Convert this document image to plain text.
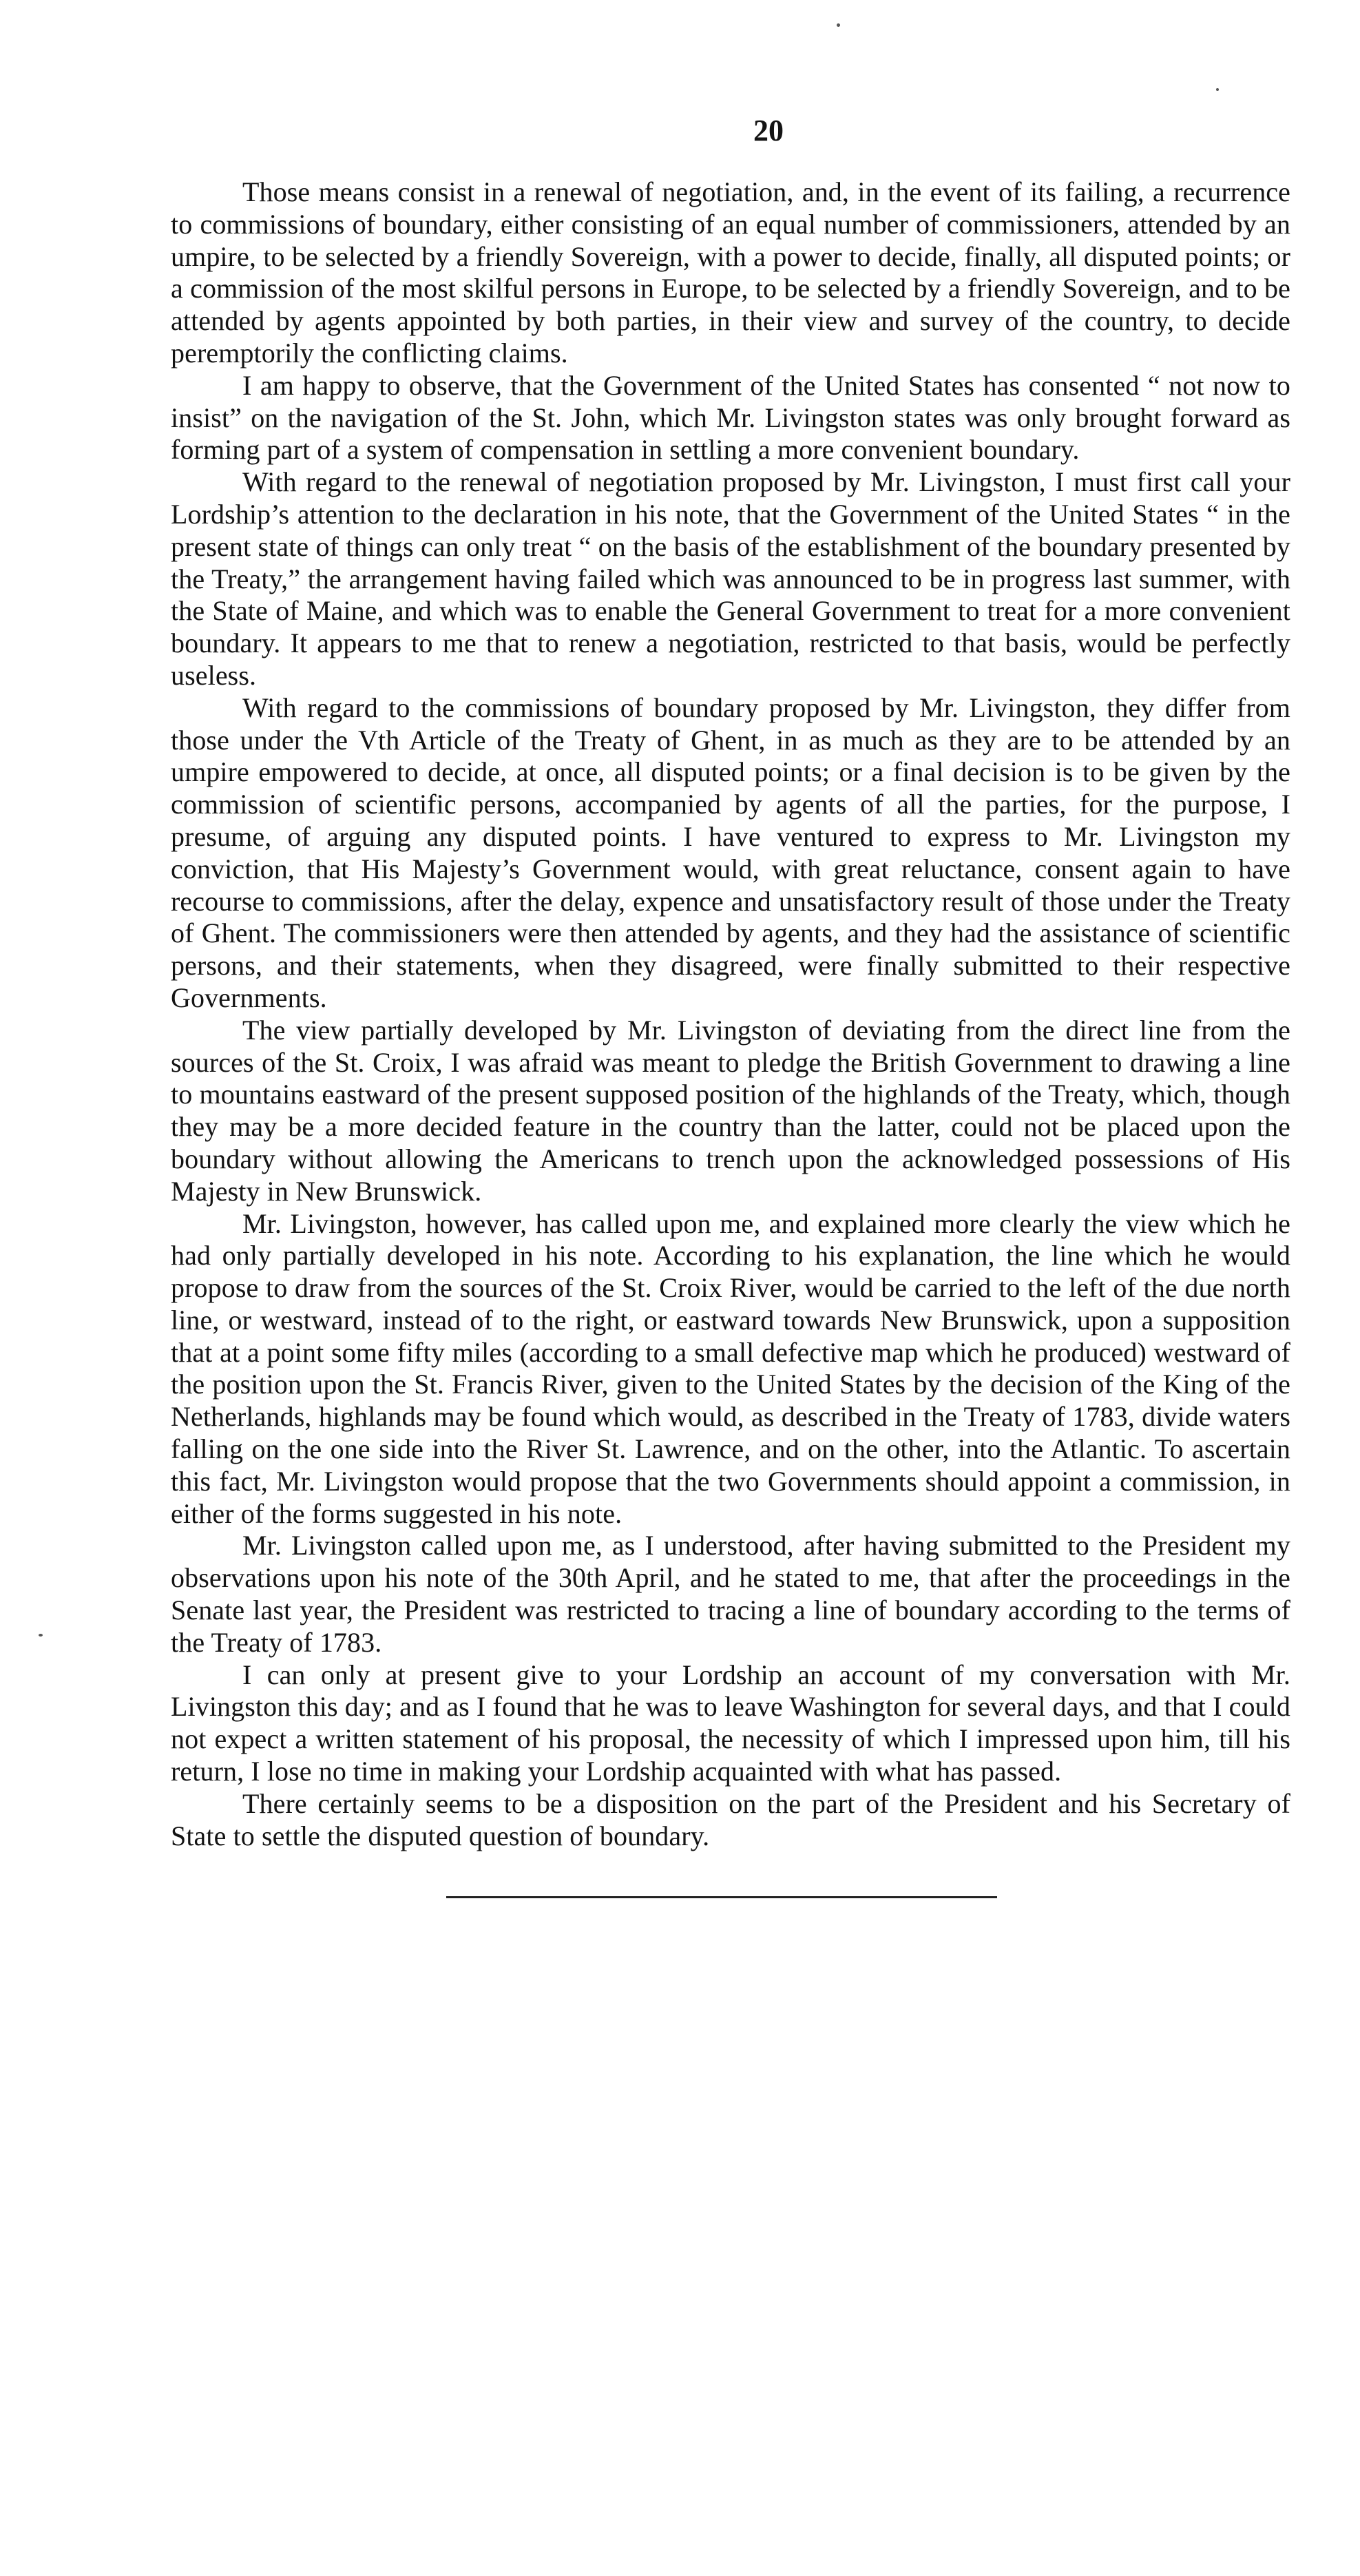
20

Those means consist in a renewal of negotiation, and, in the event of its failing, a recurrence to commissions of boundary, either consisting of an equal number of commissioners, attended by an umpire, to be selected by a friendly Sovereign, with a power to decide, finally, all disputed points; or a commission of the most skilful persons in Europe, to be selected by a friendly Sovereign, and to be attended by agents appointed by both parties, in their view and survey of the country, to decide peremptorily the conflicting claims.

I am happy to observe, that the Government of the United States has consented “ not now to insist” on the navigation of the St. John, which Mr. Livingston states was only brought forward as forming part of a system of compensation in settling a more convenient boundary.

With regard to the renewal of negotiation proposed by Mr. Livingston, I must first call your Lordship’s attention to the declaration in his note, that the Government of the United States “ in the present state of things can only treat “ on the basis of the establishment of the boundary presented by the Treaty,” the arrangement having failed which was announced to be in progress last summer, with the State of Maine, and which was to enable the General Government to treat for a more convenient boundary. It appears to me that to renew a negotiation, restricted to that basis, would be perfectly useless.

With regard to the commissions of boundary proposed by Mr. Livingston, they differ from those under the Vth Article of the Treaty of Ghent, in as much as they are to be attended by an umpire empowered to decide, at once, all disputed points; or a final decision is to be given by the commission of scientific persons, accompanied by agents of all the parties, for the purpose, I presume, of arguing any disputed points. I have ventured to express to Mr. Livingston my conviction, that His Majesty’s Government would, with great reluctance, consent again to have recourse to commissions, after the delay, expence and unsatisfactory result of those under the Treaty of Ghent. The commissioners were then attended by agents, and they had the assistance of scientific persons, and their statements, when they disagreed, were finally submitted to their respective Governments.

The view partially developed by Mr. Livingston of deviating from the direct line from the sources of the St. Croix, I was afraid was meant to pledge the British Government to drawing a line to mountains eastward of the present supposed position of the highlands of the Treaty, which, though they may be a more decided feature in the country than the latter, could not be placed upon the boundary without allowing the Americans to trench upon the acknowledged possessions of His Majesty in New Brunswick.

Mr. Livingston, however, has called upon me, and explained more clearly the view which he had only partially developed in his note. According to his explanation, the line which he would propose to draw from the sources of the St. Croix River, would be carried to the left of the due north line, or westward, instead of to the right, or eastward towards New Brunswick, upon a supposition that at a point some fifty miles (according to a small defective map which he produced) westward of the position upon the St. Francis River, given to the United States by the decision of the King of the Netherlands, highlands may be found which would, as described in the Treaty of 1783, divide waters falling on the one side into the River St. Lawrence, and on the other, into the Atlantic. To ascertain this fact, Mr. Livingston would propose that the two Governments should appoint a commission, in either of the forms suggested in his note.

Mr. Livingston called upon me, as I understood, after having submitted to the President my observations upon his note of the 30th April, and he stated to me, that after the proceedings in the Senate last year, the President was restricted to tracing a line of boundary according to the terms of the Treaty of 1783.

I can only at present give to your Lordship an account of my conversation with Mr. Livingston this day; and as I found that he was to leave Washington for several days, and that I could not expect a written statement of his proposal, the necessity of which I impressed upon him, till his return, I lose no time in making your Lordship acquainted with what has passed.

There certainly seems to be a disposition on the part of the President and his Secretary of State to settle the disputed question of boundary.
